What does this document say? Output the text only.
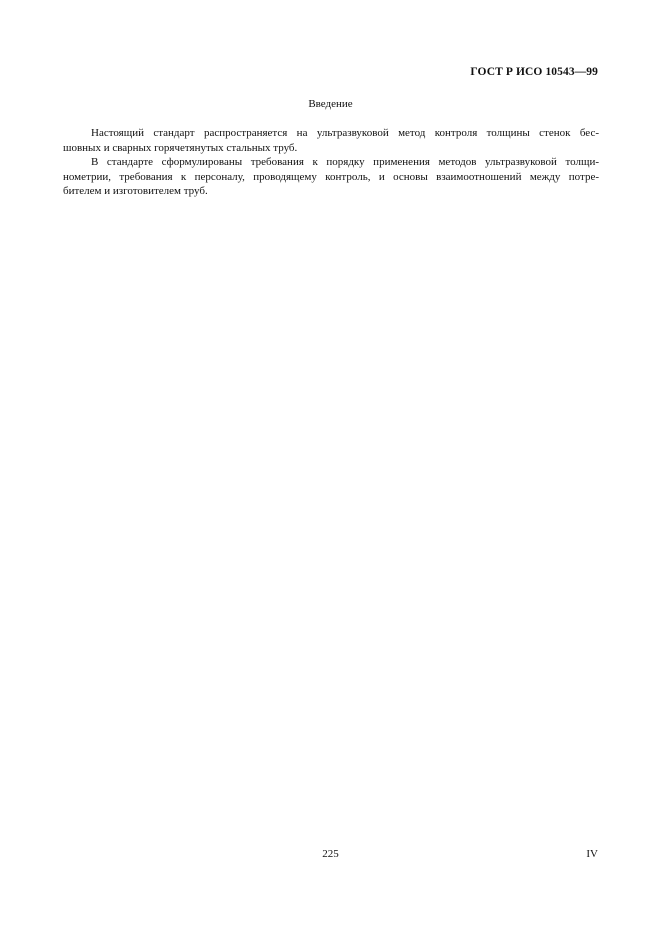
ГОСТ Р ИСО 10543—99
Введение
Настоящий стандарт распространяется на ультразвуковой метод контроля толщины стенок бес-
шовных и сварных горячетянутых стальных труб.
В стандарте сформулированы требования к порядку применения методов ультразвуковой толщи-
нометрии, требования к персоналу, проводящему контроль, и основы взаимоотношений между потре-
бителем и изготовителем труб.
225	IV
